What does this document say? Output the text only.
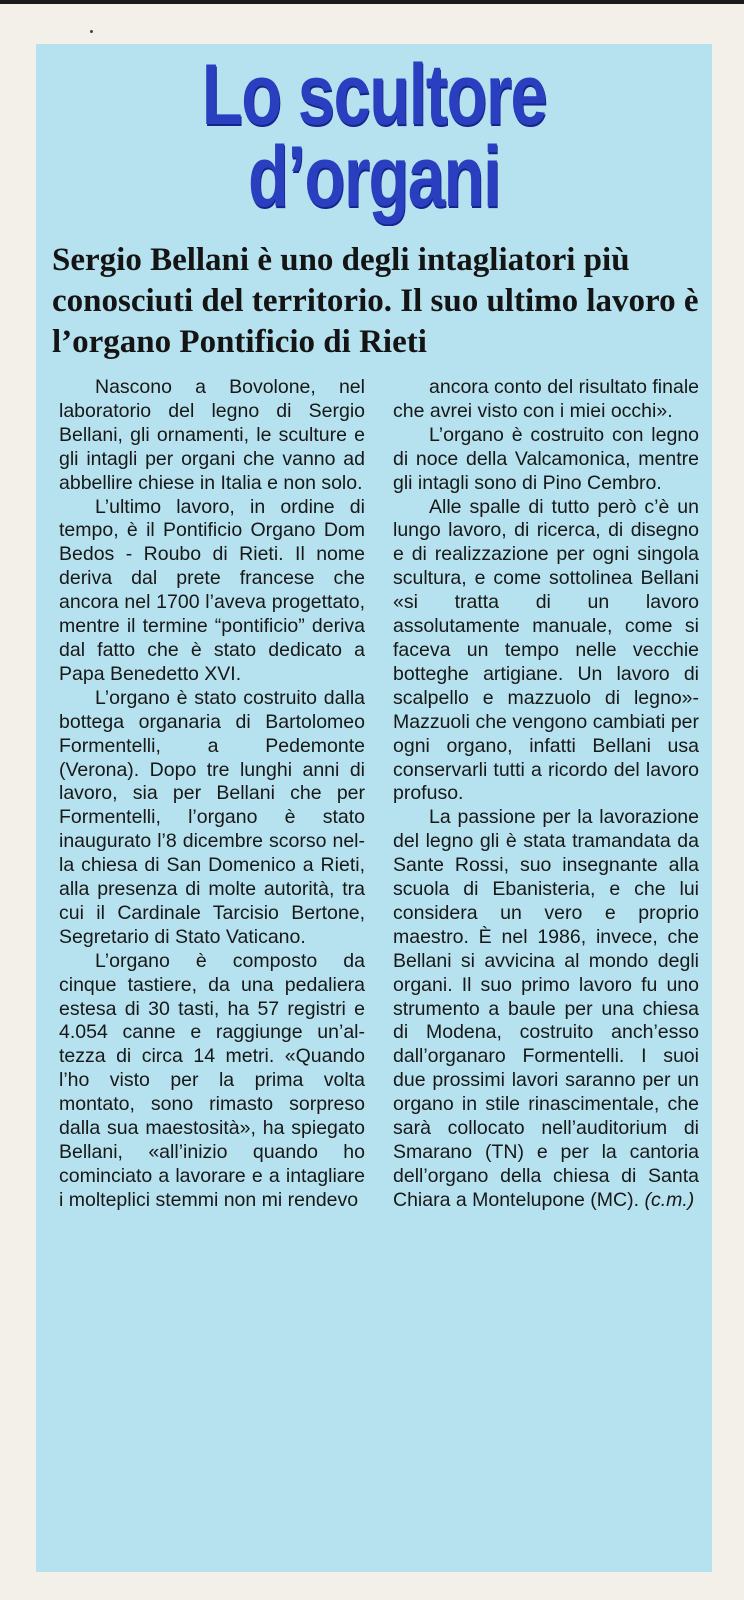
Lo scultore
d’organi
Sergio Bellani è uno degli intagliatori più conosciuti del territorio. Il suo ultimo lavoro è l’organo Pontificio di Rieti

Nascono a Bovolone, nel laboratorio del legno di Sergio Bellani, gli ornamenti, le sculture e gli intagli per organi che vanno ad abbellire chiese in Italia e non solo.

L’ultimo lavoro, in ordine di tempo, è il Pontificio Organo Dom Bedos - Roubo di Rieti. Il nome deriva dal prete francese che ancora nel 1700 l’aveva progettato, mentre il termine “pontificio” deriva dal fatto che è stato dedicato a Papa Benedetto XVI.

L’organo è stato costruito dalla bottega organaria di Bartolomeo Formentelli, a Pedemonte (Verona). Dopo tre lunghi anni di lavoro, sia per Bellani che per Formentelli, l’organo è stato inaugurato l’8 dicembre scorso nella chiesa di San Domenico a Rieti, alla presenza di molte autorità, tra cui il Cardinale Tarcisio Bertone, Segretario di Stato Vaticano.

L’organo è composto da cinque tastiere, da una pedaliera estesa di 30 tasti, ha 57 registri e 4.054 canne e raggiunge un’altezza di circa 14 metri. «Quando l’ho visto per la prima volta montato, sono rimasto sorpreso dalla sua maestosità», ha spiegato Bellani, «all’inizio quando ho cominciato a lavorare e a intagliare i molteplici stemmi non mi rendevo

ancora conto del risultato finale che avrei visto con i miei occhi».

L’organo è costruito con legno di noce della Valcamonica, mentre gli intagli sono di Pino Cembro.

Alle spalle di tutto però c’è un lungo lavoro, di ricerca, di disegno e di realizzazione per ogni singola scultura, e come sottolinea Bellani «si tratta di un lavoro assolutamente manuale, come si faceva un tempo nelle vecchie botteghe artigiane. Un lavoro di scalpello e mazzuolo di legno»- Mazzuoli che vengono cambiati per ogni organo, infatti Bellani usa conservarli tutti a ricordo del lavoro profuso.

La passione per la lavorazione del legno gli è stata tramandata da Sante Rossi, suo insegnante alla scuola di Ebanisteria, e che lui considera un vero e proprio maestro. È nel 1986, invece, che Bellani si avvicina al mondo degli organi. Il suo primo lavoro fu uno strumento a baule per una chiesa di Modena, costruito anch’esso dall’organaro Formentelli. I suoi due prossimi lavori saranno per un organo in stile rinascimentale, che sarà collocato nell’auditorium di Smarano (TN) e per la cantoria dell’organo della chiesa di Santa Chiara a Montelupone (MC). (c.m.)
